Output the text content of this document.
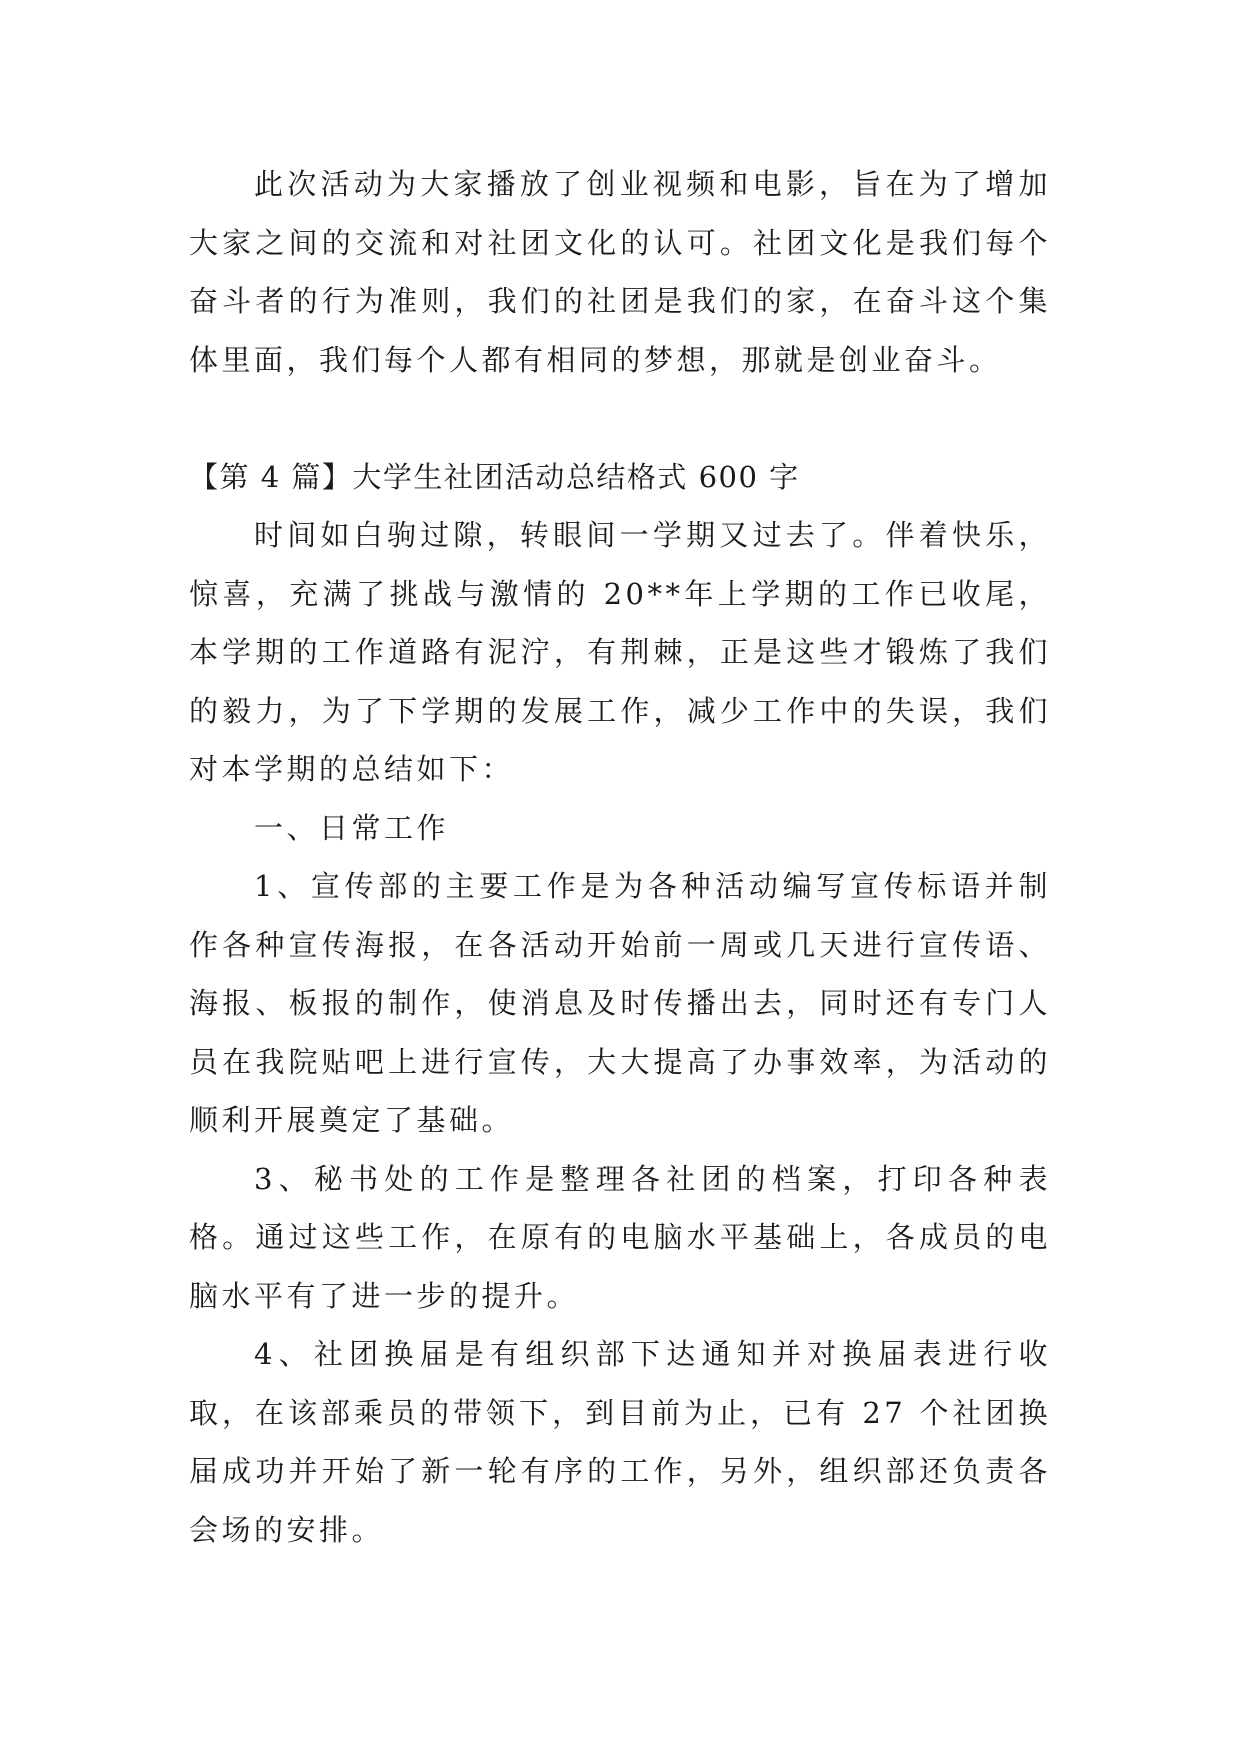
此次活动为大家播放了创业视频和电影，旨在为了增加大家之间的交流和对社团文化的认可。社团文化是我们每个奋斗者的行为准则，我们的社团是我们的家，在奋斗这个集体里面，我们每个人都有相同的梦想，那就是创业奋斗。

【第 4 篇】大学生社团活动总结格式 600 字

时间如白驹过隙，转眼间一学期又过去了。伴着快乐，惊喜，充满了挑战与激情的 20**年上学期的工作已收尾，本学期的工作道路有泥泞，有荆棘，正是这些才锻炼了我们的毅力，为了下学期的发展工作，减少工作中的失误，我们对本学期的总结如下：

一、日常工作

1、宣传部的主要工作是为各种活动编写宣传标语并制作各种宣传海报，在各活动开始前一周或几天进行宣传语、海报、板报的制作，使消息及时传播出去，同时还有专门人员在我院贴吧上进行宣传，大大提高了办事效率，为活动的顺利开展奠定了基础。

3、秘书处的工作是整理各社团的档案，打印各种表格。通过这些工作，在原有的电脑水平基础上，各成员的电脑水平有了进一步的提升。

4、社团换届是有组织部下达通知并对换届表进行收取，在该部乘员的带领下，到目前为止，已有 27 个社团换届成功并开始了新一轮有序的工作，另外，组织部还负责各会场的安排。
